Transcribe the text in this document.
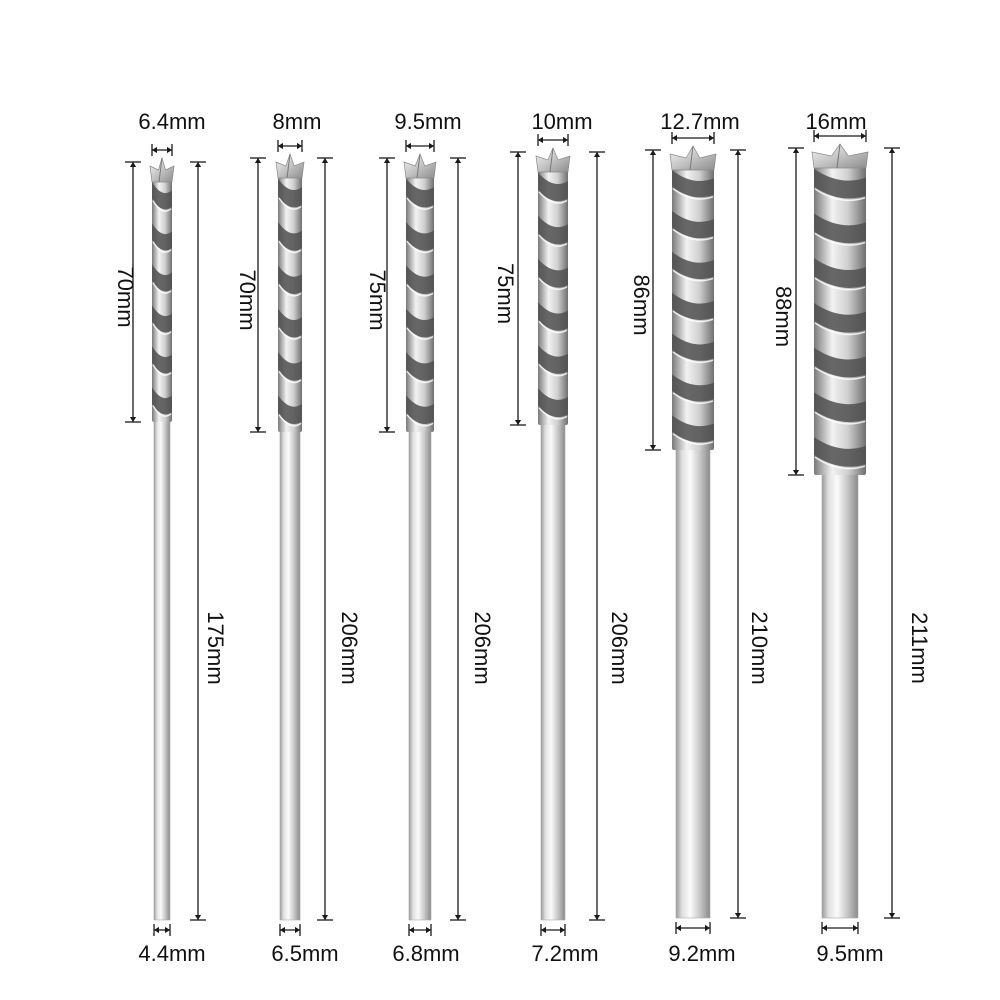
6.4mm
4.4mm
70mm
175mm
8mm
6.5mm
70mm
206mm
9.5mm
6.8mm
75mm
206mm
10mm
7.2mm
75mm
206mm
12.7mm
9.2mm
86mm
210mm
16mm
9.5mm
88mm
211mm
